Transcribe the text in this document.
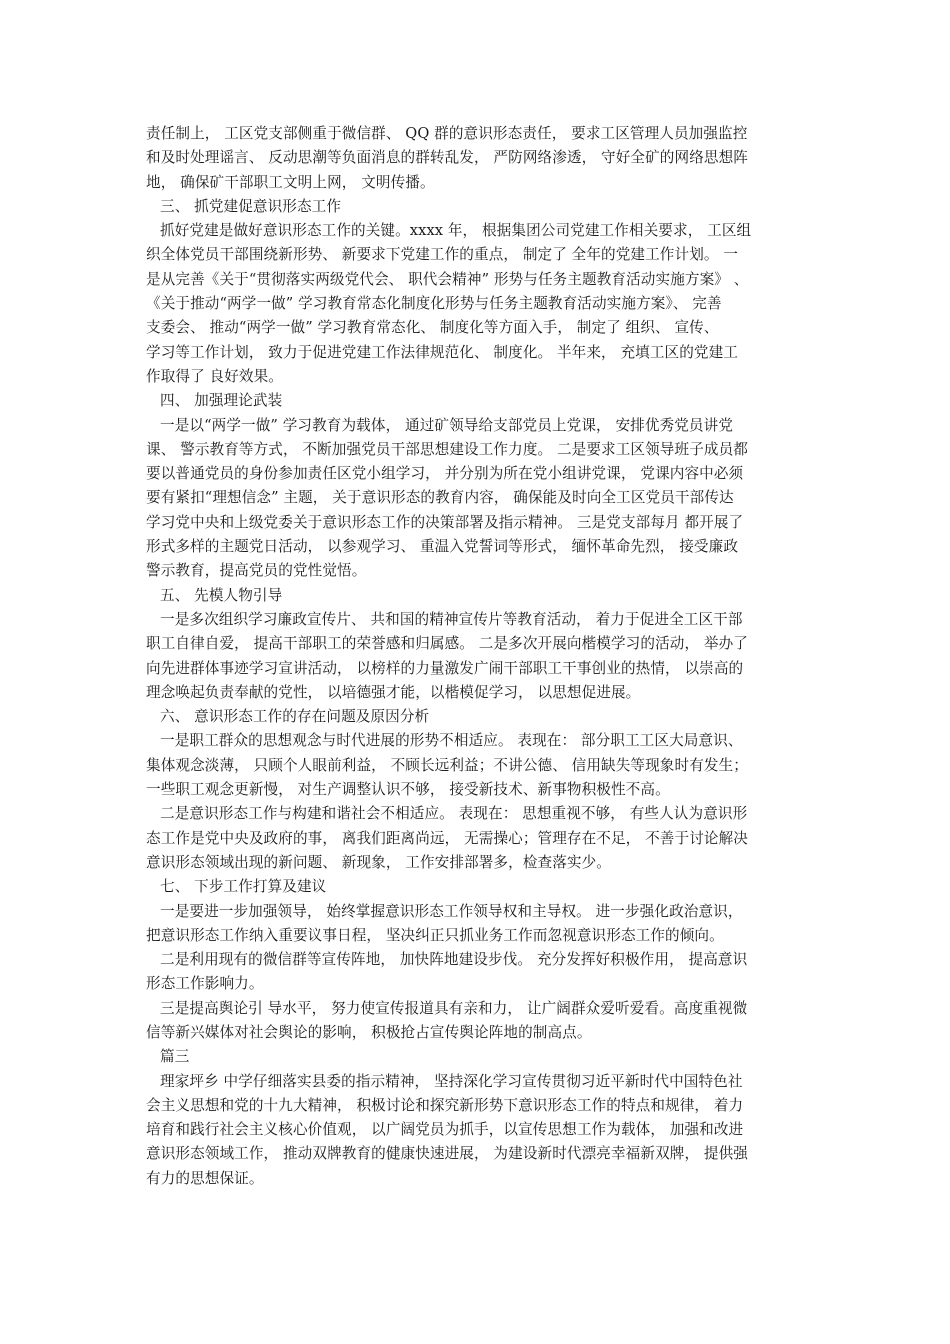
责任制上， 工区党支部侧重于微信群、 QQ 群的意识形态责任， 要求工区管理人员加强监控
和及时处理谣言、 反动思潮等负面消息的群转乱发， 严防网络渗透， 守好全矿的网络思想阵
地， 确保矿干部职工文明上网， 文明传播。
三、 抓党建促意识形态工作
抓好党建是做好意识形态工作的关键。xxxx 年， 根据集团公司党建工作相关要求， 工区组
织全体党员干部围绕新形势、 新要求下党建工作的重点， 制定了 全年的党建工作计划。 一
是从完善《关于“贯彻落实两级党代会、 职代会精神” 形势与任务主题教育活动实施方案》 、
《关于推动“两学一做” 学习教育常态化制度化形势与任务主题教育活动实施方案》、 完善
支委会、 推动“两学一做” 学习教育常态化、 制度化等方面入手， 制定了 组织、 宣传、
学习等工作计划， 致力于促进党建工作法律规范化、 制度化。 半年来， 充填工区的党建工
作取得了 良好效果。
四、 加强理论武装
一是以“两学一做” 学习教育为载体， 通过矿领导给支部党员上党课， 安排优秀党员讲党
课、 警示教育等方式， 不断加强党员干部思想建设工作力度。 二是要求工区领导班子成员都
要以普通党员的身份参加责任区党小组学习， 并分别为所在党小组讲党课， 党课内容中必须
要有紧扣“理想信念” 主题， 关于意识形态的教育内容， 确保能及时向全工区党员干部传达
学习党中央和上级党委关于意识形态工作的决策部署及指示精神。 三是党支部每月 都开展了
形式多样的主题党日活动， 以参观学习、 重温入党誓词等形式， 缅怀革命先烈， 接受廉政
警示教育，提高党员的党性觉悟。
五、 先模人物引导
一是多次组织学习廉政宣传片、 共和国的精神宣传片等教育活动， 着力于促进全工区干部
职工自律自爱， 提高干部职工的荣誉感和归属感。 二是多次开展向楷模学习的活动， 举办了
向先进群体事迹学习宣讲活动， 以榜样的力量激发广闹干部职工干事创业的热情， 以崇高的
理念唤起负责奉献的党性， 以培德强才能，以楷模促学习， 以思想促进展。
六、 意识形态工作的存在问题及原因分析
一是职工群众的思想观念与时代进展的形势不相适应。 表现在： 部分职工工区大局意识、
集体观念淡薄， 只顾个人眼前利益， 不顾长远利益；不讲公德、 信用缺失等现象时有发生；
一些职工观念更新慢， 对生产调整认识不够， 接受新技术、新事物积极性不高。
二是意识形态工作与构建和谐社会不相适应。 表现在： 思想重视不够， 有些人认为意识形
态工作是党中央及政府的事， 离我们距离尚远， 无需操心；管理存在不足， 不善于讨论解决
意识形态领域出现的新问题、 新现象， 工作安排部署多，检查落实少。
七、 下步工作打算及建议
一是要进一步加强领导， 始终掌握意识形态工作领导权和主导权。 进一步强化政治意识，
把意识形态工作纳入重要议事日程， 坚决纠正只抓业务工作而忽视意识形态工作的倾向。
二是利用现有的微信群等宣传阵地， 加快阵地建设步伐。 充分发挥好积极作用， 提高意识
形态工作影响力。
三是提高舆论引 导水平， 努力使宣传报道具有亲和力， 让广阔群众爱听爱看。高度重视微
信等新兴媒体对社会舆论的影响， 积极抢占宣传舆论阵地的制高点。
篇三
理家坪乡 中学仔细落实县委的指示精神， 坚持深化学习宣传贯彻习近平新时代中国特色社
会主义思想和党的十九大精神， 积极讨论和探究新形势下意识形态工作的特点和规律， 着力
培育和践行社会主义核心价值观， 以广阔党员为抓手，以宣传思想工作为载体， 加强和改进
意识形态领域工作， 推动双牌教育的健康快速进展， 为建设新时代漂亮幸福新双牌， 提供强
有力的思想保证。
